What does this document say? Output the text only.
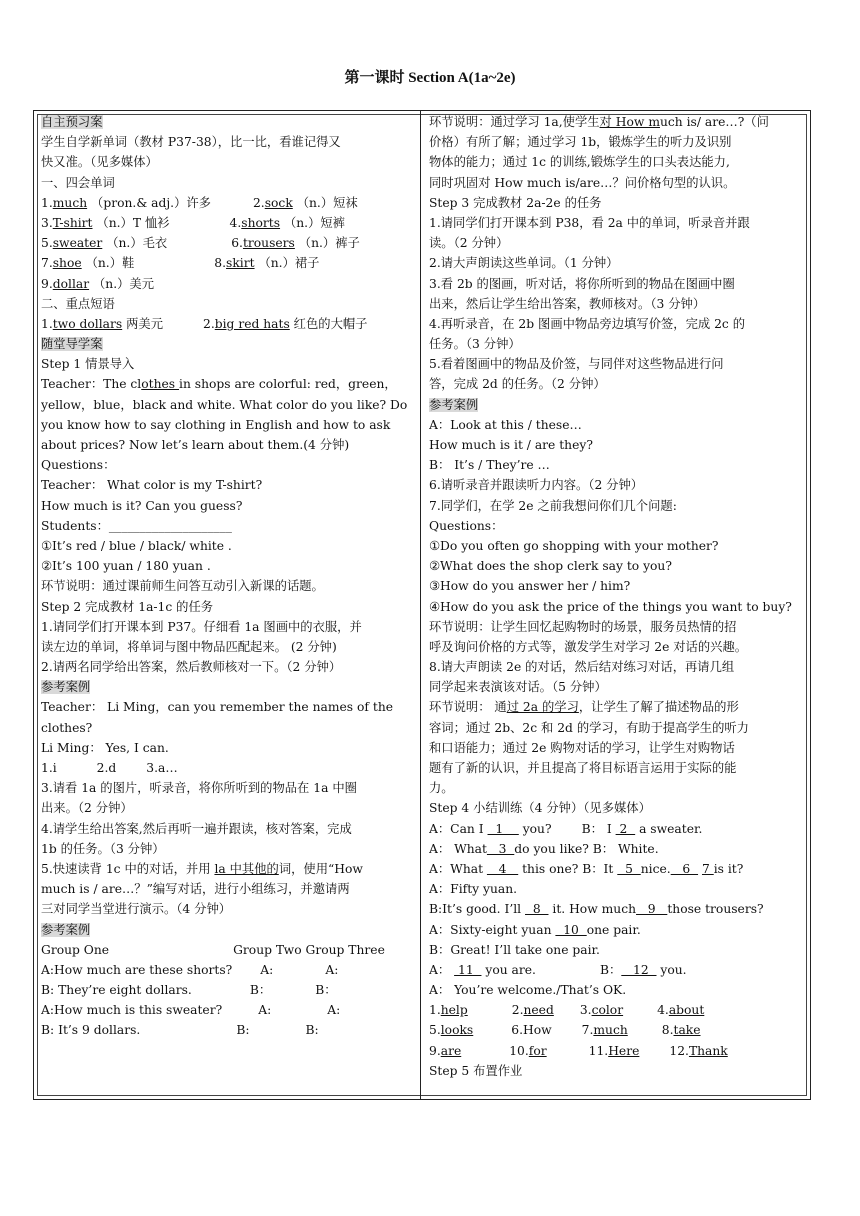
第一课时 Section A(1a~2e)
自主预习案
学生自学新单词（教材 P37-38），比一比，看谁记得又
快又准。（见多媒体）
一、四会单词
1.much （pron.& adj.）许多	2.sock （n.）短袜
3.T-shirt （n.）T 恤衫	4.shorts （n.）短裤
5.sweater （n.）毛衣	6.trousers （n.）裤子
7.shoe （n.）鞋	8.skirt （n.）裙子
9.dollar （n.）美元
二、重点短语
1.two dollars 两美元	2.big red hats 红色的大帽子
随堂导学案
Step 1 情景导入
Teacher：The clothes in shops are colorful: red，green，
yellow，blue，black and white. What color do you like? Do
you know how to say clothing in English and how to ask
about prices? Now let’s learn about them.(4 分钟)
Questions：
Teacher： What color is my T-shirt?
How much is it? Can you guess?
Students：____________________
①It’s red / blue / black/ white .
②It’s 100 yuan / 180 yuan .
环节说明：通过课前师生问答互动引入新课的话题。
Step 2 完成教材 1a-1c 的任务
1.请同学们打开课本到 P37。仔细看 1a 图画中的衣服，并
读左边的单词，将单词与图中物品匹配起来。 (2 分钟)
2.请两名同学给出答案，然后教师核对一下。（2 分钟）
参考案例
Teacher： Li Ming，can you remember the names of the
clothes?
Li Ming： Yes, I can.
1.i	2.d 3.a…
3.请看 1a 的图片，听录音，将你所听到的物品在 1a 中圈
出来。（2 分钟）
4.请学生给出答案,然后再听一遍并跟读，核对答案，完成
1b 的任务。（3 分钟）
5.快速读背 1c 中的对话，并用 la 中其他的词，使用“How
much is / are…？”编写对话，进行小组练习，并邀请两
三对同学当堂进行演示。（4 分钟）
参考案例
Group One	Group Two Group Three
A:How much are these shorts? A:	A:
B: They’re eight dollars.	B：	B：
A:How much is this sweater?	A:	A:
B: It’s 9 dollars.	B:	B:
环节说明：通过学习 1a,使学生对 How much is/ are…?（问
价格）有所了解；通过学习 1b，锻炼学生的听力及识别
物体的能力；通过 1c 的训练,锻炼学生的口头表达能力,
同时巩固对 How much is/are…？问价格句型的认识。
Step 3 完成教材 2a-2e 的任务
1.请同学们打开课本到 P38，看 2a 中的单词，听录音并跟
读。（2 分钟）
2.请大声朗读这些单词。（1 分钟）
3.看 2b 的图画，听对话，将你所听到的物品在图画中圈
出来，然后让学生给出答案，教师核对。（3 分钟）
4.再听录音，在 2b 图画中物品旁边填写价签，完成 2c 的
任务。（3 分钟）
5.看着图画中的物品及价签，与同伴对这些物品进行问
答，完成 2d 的任务。（2 分钟）
参考案例
A：Look at this / these…
How much is it / are they?
B： It’s / They’re …
6.请听录音并跟读听力内容。（2 分钟）
7.同学们，在学 2e 之前我想问你们几个问题:
Questions：
①Do you often go shopping with your mother?
②What does the shop clerk say to you?
③How do you answer her / him?
④How do you ask the price of the things you want to buy?
环节说明：让学生回忆起购物时的场景，服务员热情的招
呼及询问价格的方式等，激发学生对学习 2e 对话的兴趣。
8.请大声朗读 2e 的对话，然后结对练习对话，再请几组
同学起来表演该对话。（5 分钟）
环节说明： 通过 2a 的学习，让学生了解了描述物品的形
容词；通过 2b、2c 和 2d 的学习，有助于提高学生的听力
和口语能力；通过 2e 购物对话的学习，让学生对购物话
题有了新的认识，并且提高了将目标语言运用于实际的能
力。
Step 4 小结训练（4 分钟）（见多媒体）
A：Can I   1     you? B： I  2   a sweater.
A： What   3  do you like? B： White.
A：What    4    this one? B：It   5  nice.   6   7 is it?
A：Fifty yuan.
B:It’s good. I’ll   8   it. How much   9   those trousers?
A：Sixty-eight yuan   10  one pair.
B：Great! I’ll take one pair.
A：  11   you are.	B：   12   you.
A： You’re welcome./That’s OK.
1.help	2.need 3.color	4.about
5.looks	6.How 7.much	8.take
9.are	10.for	11.Here 12.Thank
Step 5 布置作业
